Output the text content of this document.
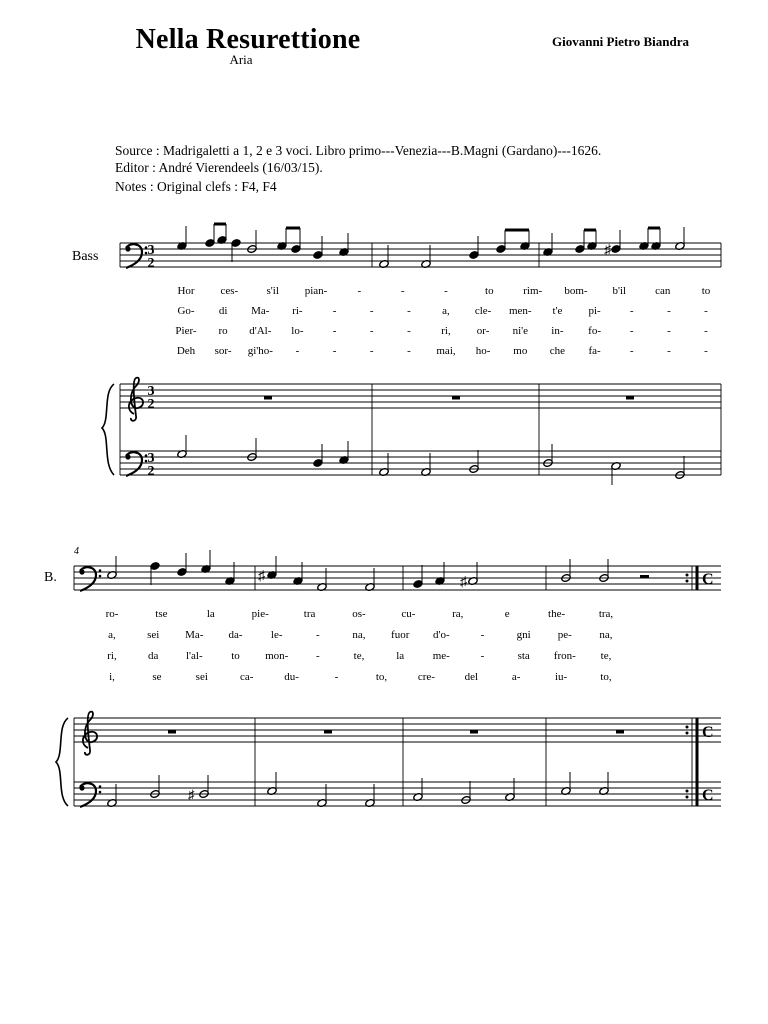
Nella Resurettione
Aria
Giovanni Pietro Biandra
Source : Madrigaletti a 1, 2 e 3 voci. Libro primo---Venezia---B.Magni (Gardano)---1626.
Editor : André Vierendeels (16/03/15).
Notes : Original clefs : F4, F4
Bass
B.
4
3
2
♯
Hor ces-	s'il pian-	-	-	-	to	rim- bom- b'il	can	to
Go- di Ma- ri-	-	-	-	a, cle- men- t'e pi-	-	-	-
Pier- ro d'Al- lo-	-	-	-	ri, or- ni'e in- fo-	-	-	-
Deh sor- gi'ho- -	-	-	- mai, ho- mo che fa-	-	-	-
3
2
3
2
♯	♯
ro-	tse	la	pie-	tra	os-	cu-	ra,	e	the-	tra,
a,	sei Ma- da-	le-	-	na, fuor d'o-	-	gni pe-	na,
ri,	da	l'al-	to mon-	-	te,	la	me-	-	sta fron- te,
i,	se	sei	ca-	du-	-	to,	cre-	del	a-	iu-	to,
♯
C
C
C
